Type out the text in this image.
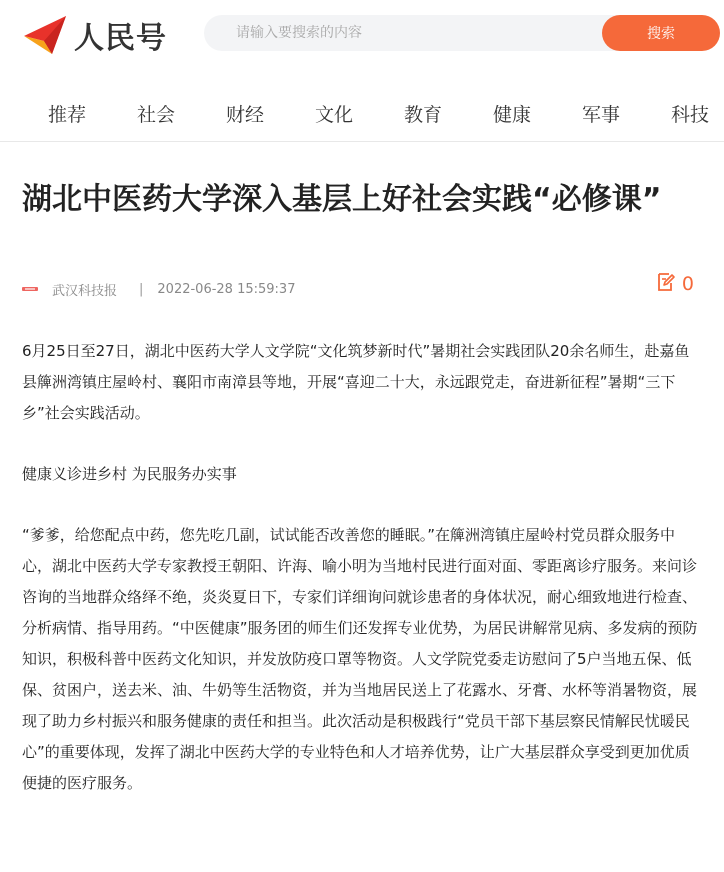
人民号
请输入要搜索的内容	搜索
推荐	社会	财经	文化	教育	健康	军事	科技
湖北中医药大学深入基层上好社会实践“必修课”
武汉科技报 | 2022-06-28 15:59:37	0

6月25日至27日，湖北中医药大学人文学院“文化筑梦新时代”暑期社会实践团队20余名师生，赴嘉鱼县簰洲湾镇庄屋岭村、襄阳市南漳县等地，开展“喜迎二十大，永远跟党走，奋进新征程”暑期“三下乡”社会实践活动。

健康义诊进乡村 为民服务办实事

“爹爹，给您配点中药，您先吃几副，试试能否改善您的睡眠。”在簰洲湾镇庄屋岭村党员群众服务中心，湖北中医药大学专家教授王朝阳、许海、喻小明为当地村民进行面对面、零距离诊疗服务。来问诊咨询的当地群众络绎不绝，炎炎夏日下，专家们详细询问就诊患者的身体状况，耐心细致地进行检查、分析病情、指导用药。“中医健康”服务团的师生们还发挥专业优势，为居民讲解常见病、多发病的预防知识，积极科普中医药文化知识，并发放防疫口罩等物资。人文学院党委走访慰问了5户当地五保、低保、贫困户，送去米、油、牛奶等生活物资，并为当地居民送上了花露水、牙膏、水杯等消暑物资，展现了助力乡村振兴和服务健康的责任和担当。此次活动是积极践行“党员干部下基层察民情解民忧暖民心”的重要体现，发挥了湖北中医药大学的专业特色和人才培养优势，让广大基层群众享受到更加优质便捷的医疗服务。
